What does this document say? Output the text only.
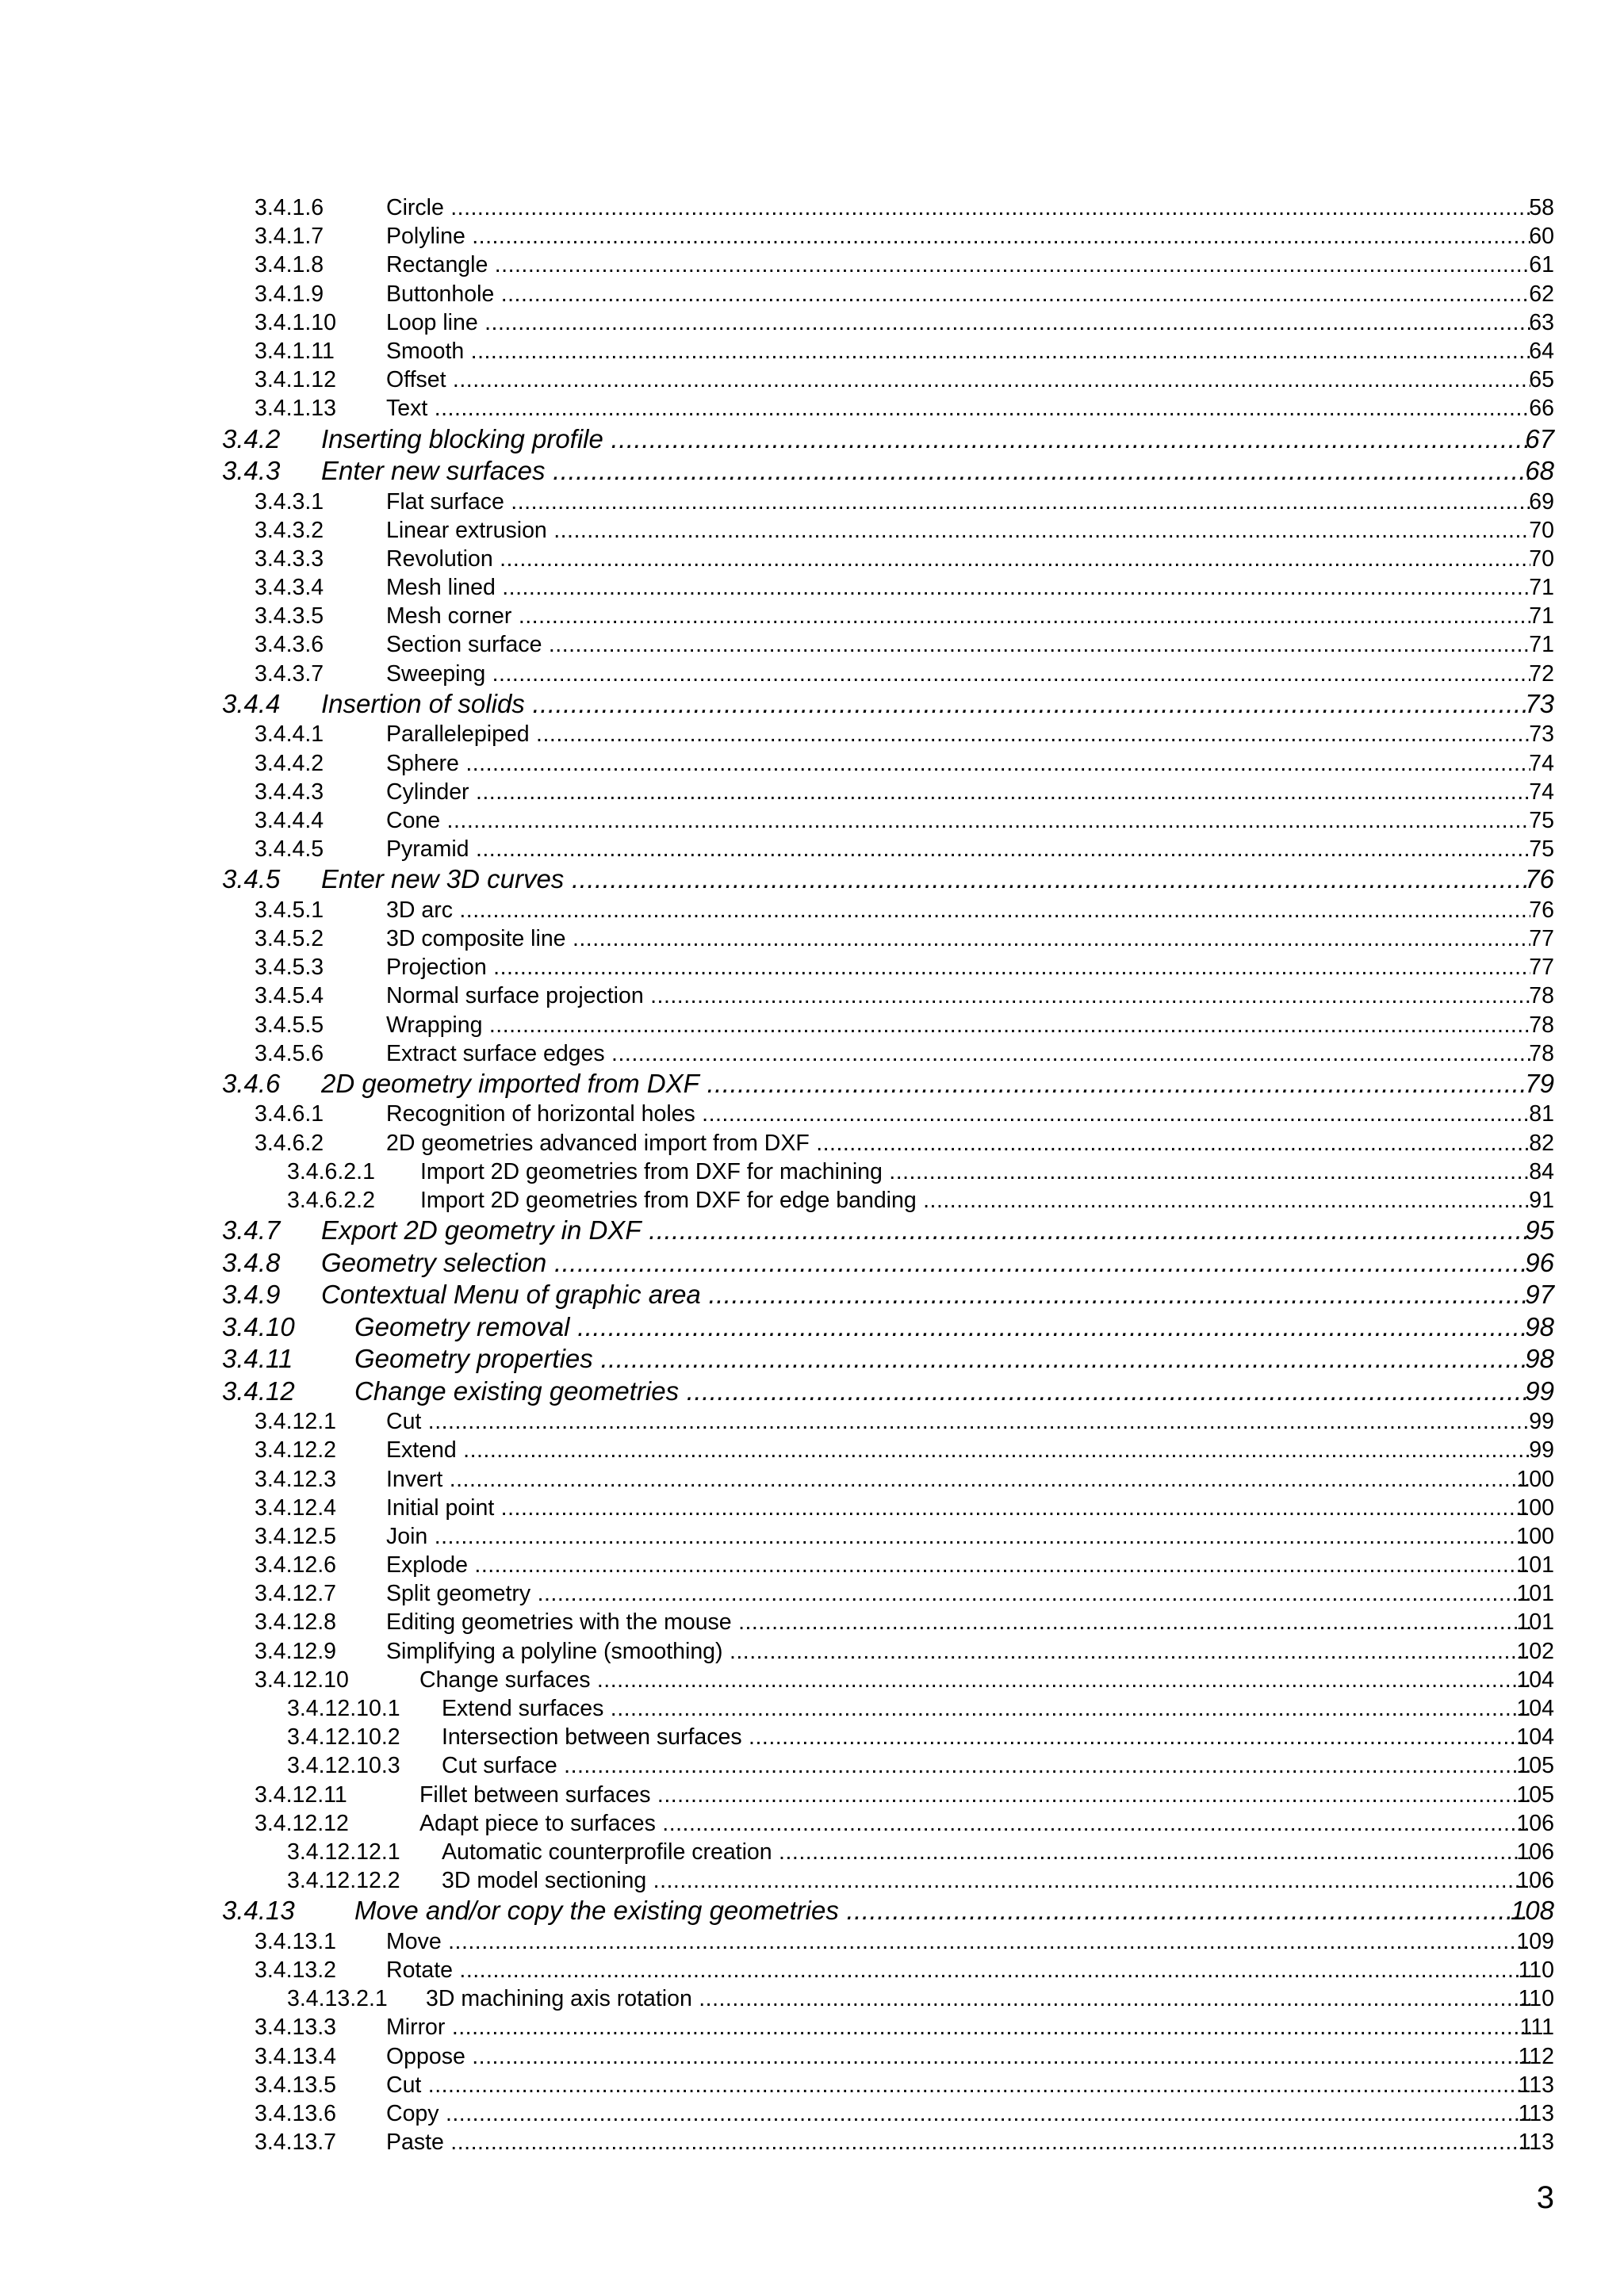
3.4.1.6	Circle .....	58
3.4.1.7	Polyline .....	60
3.4.1.8	Rectangle .....	61
3.4.1.9	Buttonhole .....	62
3.4.1.10 Loop line .....	63
3.4.1.11 Smooth .....	64
3.4.1.12 Offset .....	65
3.4.1.13 Text .....	66
3.4.2 Inserting blocking profile .....	67
3.4.3 Enter new surfaces .....	68
3.4.3.1	Flat surface .....	69
3.4.3.2	Linear extrusion .....	70
3.4.3.3	Revolution .....	70
3.4.3.4	Mesh lined .....	71
3.4.3.5	Mesh corner .....	71
3.4.3.6	Section surface .....	71
3.4.3.7	Sweeping .....	72
3.4.4 Insertion of solids .....	73
3.4.4.1	Parallelepiped .....	73
3.4.4.2	Sphere .....	74
3.4.4.3	Cylinder .....	74
3.4.4.4	Cone .....	75
3.4.4.5	Pyramid .....	75
3.4.5 Enter new 3D curves .....	76
3.4.5.1	3D arc .....	76
3.4.5.2	3D composite line .....	77
3.4.5.3	Projection .....	77
3.4.5.4	Normal surface projection .....	78
3.4.5.5	Wrapping .....	78
3.4.5.6	Extract surface edges .....	78
3.4.6 2D geometry imported from DXF .....	79
3.4.6.1	Recognition of horizontal holes .....	81
3.4.6.2	2D geometries advanced import from DXF .....	82
3.4.6.2.1 Import 2D geometries from DXF for machining .....	84
3.4.6.2.2 Import 2D geometries from DXF for edge banding .....	91
3.4.7 Export 2D geometry in DXF .....	95
3.4.8 Geometry selection .....	96
3.4.9 Contextual Menu of graphic area .....	97
3.4.10 Geometry removal .....	98
3.4.11 Geometry properties .....	98
3.4.12 Change existing geometries .....	99
3.4.12.1 Cut .....	99
3.4.12.2 Extend .....	99
3.4.12.3 Invert .....	100
3.4.12.4 Initial point .....	100
3.4.12.5 Join .....	100
3.4.12.6 Explode .....	101
3.4.12.7 Split geometry .....	101
3.4.12.8 Editing geometries with the mouse .....	101
3.4.12.9 Simplifying a polyline (smoothing) .....	102
3.4.12.10	Change surfaces .....	104
3.4.12.10.1 Extend surfaces .....	104
3.4.12.10.2 Intersection between surfaces .....	104
3.4.12.10.3 Cut surface .....	105
3.4.12.11	Fillet between surfaces .....	105
3.4.12.12	Adapt piece to surfaces .....	106
3.4.12.12.1 Automatic counterprofile creation .....	106
3.4.12.12.2 3D model sectioning .....	106
3.4.13 Move and/or copy the existing geometries .....	108
3.4.13.1 Move .....	109
3.4.13.2 Rotate .....	110
3.4.13.2.1 3D machining axis rotation .....	110
3.4.13.3 Mirror .....	111
3.4.13.4 Oppose .....	112
3.4.13.5 Cut .....	113
3.4.13.6 Copy .....	113
3.4.13.7 Paste .....	113
3
